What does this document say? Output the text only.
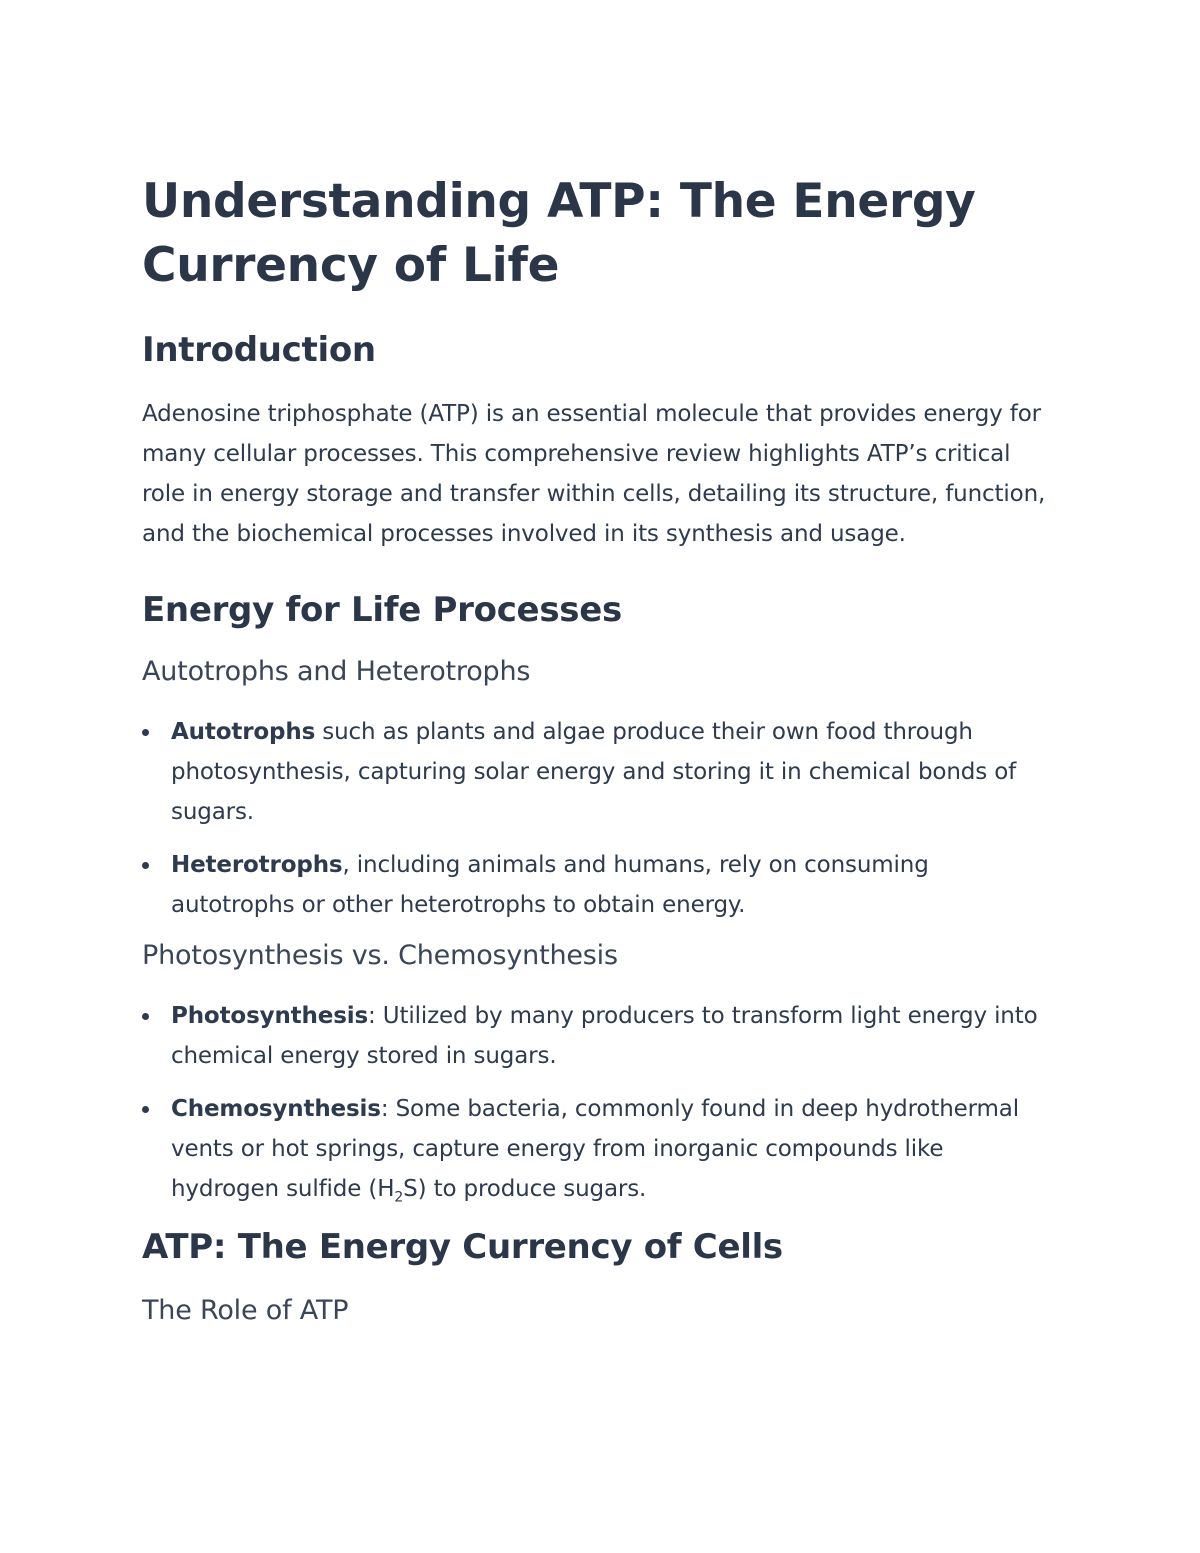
Understanding ATP: The Energy Currency of Life
Introduction

Adenosine triphosphate (ATP) is an essential molecule that provides energy for many cellular processes. This comprehensive review highlights ATP’s critical role in energy storage and transfer within cells, detailing its structure, function, and the biochemical processes involved in its synthesis and usage.

Energy for Life Processes
Autotrophs and Heterotrophs
Autotrophs such as plants and algae produce their own food through photosynthesis, capturing solar energy and storing it in chemical bonds of sugars.
Heterotrophs, including animals and humans, rely on consuming autotrophs or other heterotrophs to obtain energy.
Photosynthesis vs. Chemosynthesis
Photosynthesis: Utilized by many producers to transform light energy into chemical energy stored in sugars.
Chemosynthesis: Some bacteria, commonly found in deep hydrothermal vents or hot springs, capture energy from inorganic compounds like hydrogen sulfide $(H_2S)$ to produce sugars.
ATP: The Energy Currency of Cells
The Role of ATP
